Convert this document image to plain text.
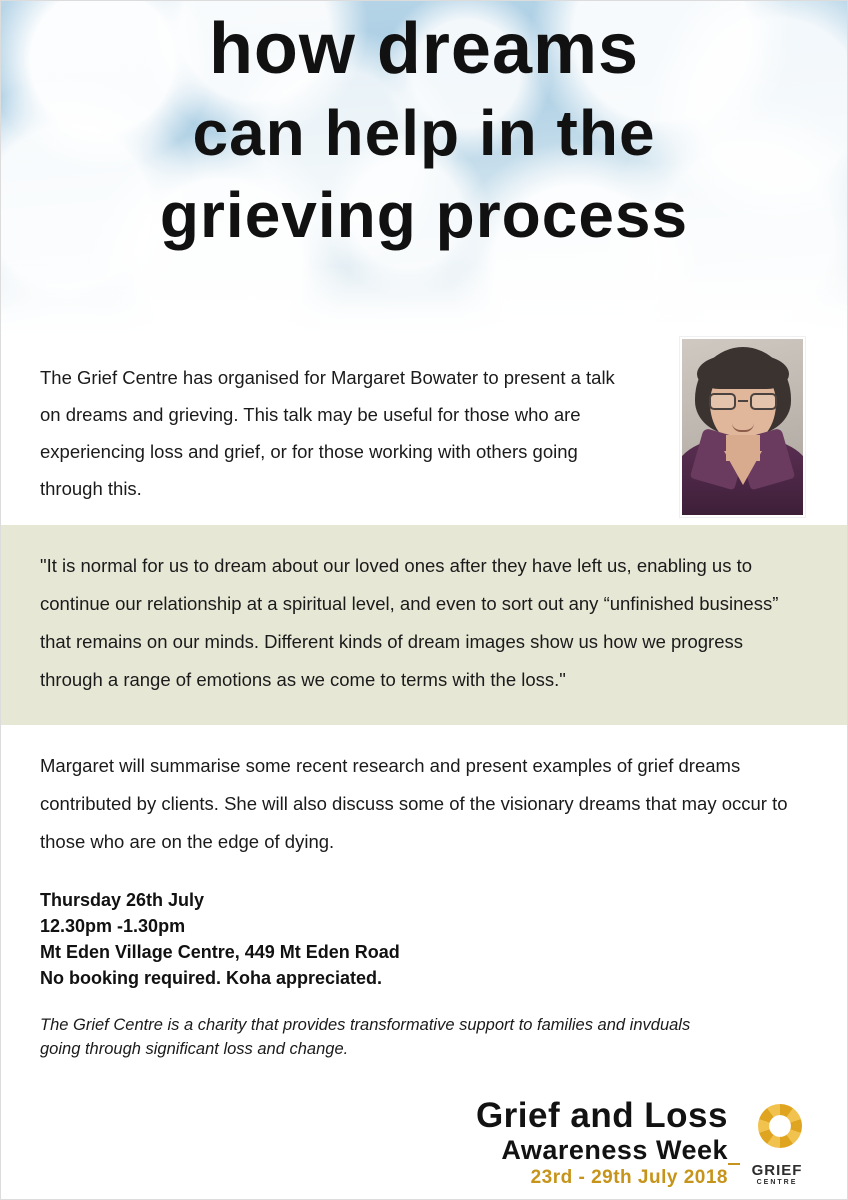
how dreams
can help in the
grieving process

The Grief Centre has organised for Margaret Bowater to present a talk on dreams and grieving. This talk may be useful for those who are experiencing loss and grief, or for those working with others going through this.

"It is normal for us to dream about our loved ones after they have left us, enabling us to continue our relationship at a spiritual level, and even to sort out any “unfinished business” that remains on our minds. Different kinds of dream images show us how we progress through a range of emotions as we come to terms with the loss."

Margaret will summarise some recent research and present examples of grief dreams contributed by clients. She will also discuss some of the visionary dreams that may occur to those who are on the edge of dying.

Thursday 26th July
12.30pm -1.30pm
Mt Eden Village Centre, 449 Mt Eden Road
No booking required. Koha appreciated.

The Grief Centre is a charity that provides transformative support to families and invduals going through significant loss and change.

Grief and Loss
Awareness Week
23rd - 29th July 2018	GRIEF
CENTRE
